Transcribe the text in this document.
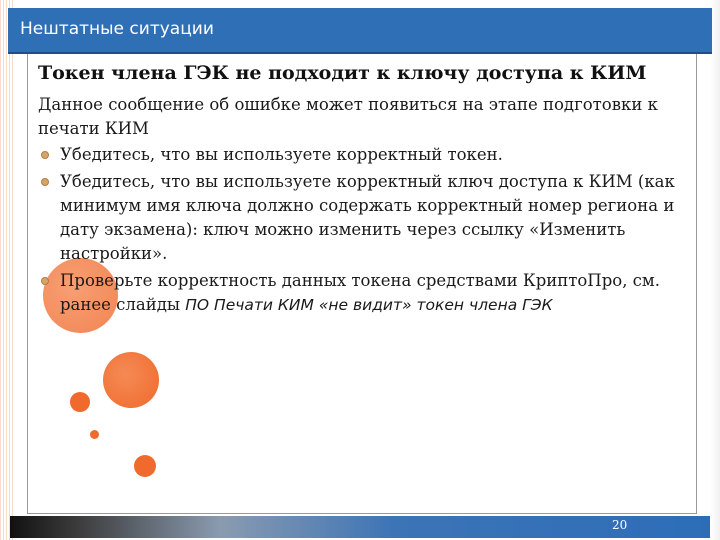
Нештатные ситуации

Токен члена ГЭК не подходит к ключу доступа к КИМ

Данное сообщение об ошибке может появиться на этапе подготовки к печати КИМ

Убедитесь, что вы используете корректный токен.
Убедитесь, что вы используете корректный ключ доступа к КИМ (как минимум имя ключа должно содержать корректный номер региона и дату экзамена): ключ можно изменить через ссылку «Изменить настройки».
Проверьте корректность данных токена средствами КриптоПро, см. ранее слайды ПО Печати КИМ «не видит» токен члена ГЭК
20
